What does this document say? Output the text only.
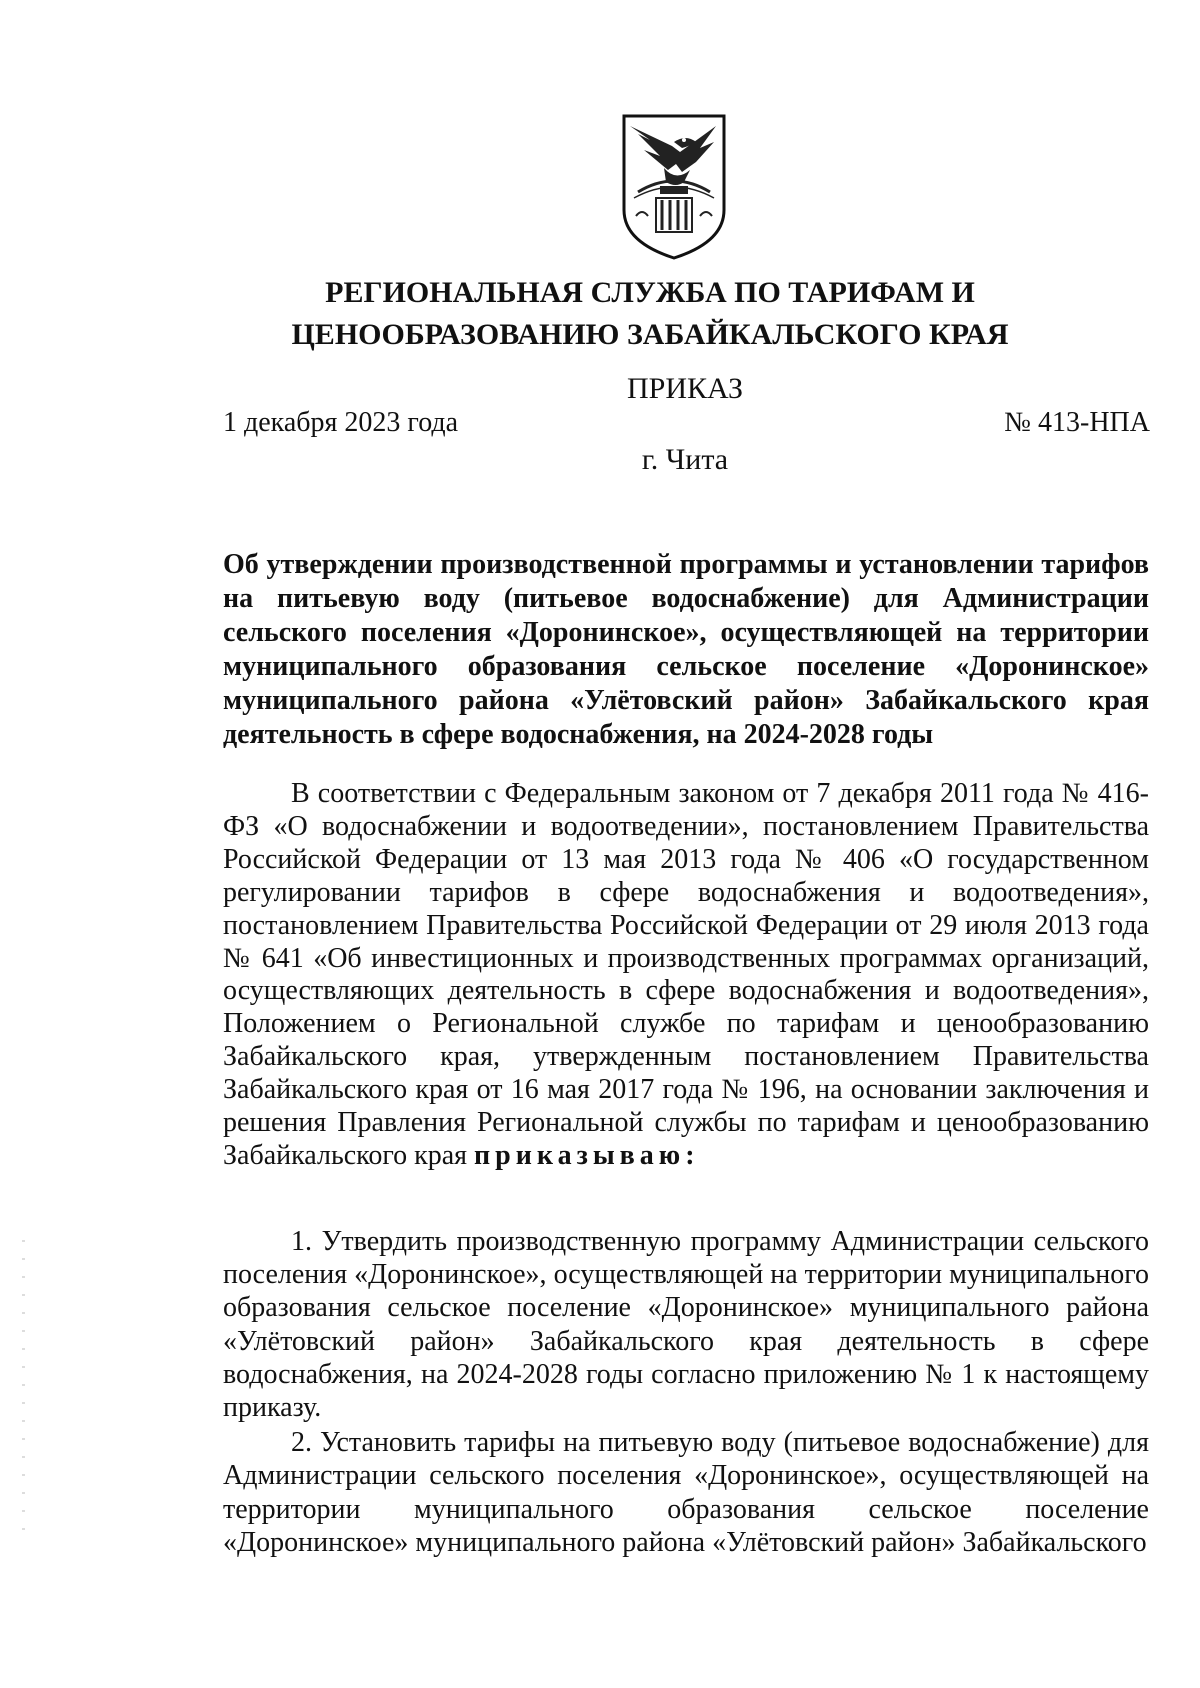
РЕГИОНАЛЬНАЯ СЛУЖБА ПО ТАРИФАМ И
ЦЕНООБРАЗОВАНИЮ ЗАБАЙКАЛЬСКОГО КРАЯ
ПРИКАЗ
1 декабря 2023 года	№ 413-НПА
г. Чита

Об утверждении производственной программы и установлении тарифов на питьевую воду (питьевое водоснабжение) для Администрации сельского поселения «Доронинское», осуществляющей на территории муниципального образования сельское поселение «Доронинское» муниципального района «Улётовский район» Забайкальского края деятельность в сфере водоснабжения, на 2024-2028 годы

В соответствии с Федеральным законом от 7 декабря 2011 года № 416-ФЗ «О водоснабжении и водоотведении», постановлением Правительства Российской Федерации от 13 мая 2013 года № 406 «О государственном регулировании тарифов в сфере водоснабжения и водоотведения», постановлением Правительства Российской Федерации от 29 июля 2013 года № 641 «Об инвестиционных и производственных программах организаций, осуществляющих деятельность в сфере водоснабжения и водоотведения», Положением о Региональной службе по тарифам и ценообразованию Забайкальского края, утвержденным постановлением Правительства Забайкальского края от 16 мая 2017 года № 196, на основании заключения и решения Правления Региональной службы по тарифам и ценообразованию Забайкальского края приказываю:

1. Утвердить производственную программу Администрации сельского поселения «Доронинское», осуществляющей на территории муниципального образования сельское поселение «Доронинское» муниципального района «Улётовский район» Забайкальского края деятельность в сфере водоснабжения, на 2024-2028 годы согласно приложению № 1 к настоящему приказу.
2. Установить тарифы на питьевую воду (питьевое водоснабжение) для Администрации сельского поселения «Доронинское», осуществляющей на территории муниципального образования сельское поселение «Доронинское» муниципального района «Улётовский район» Забайкальского
